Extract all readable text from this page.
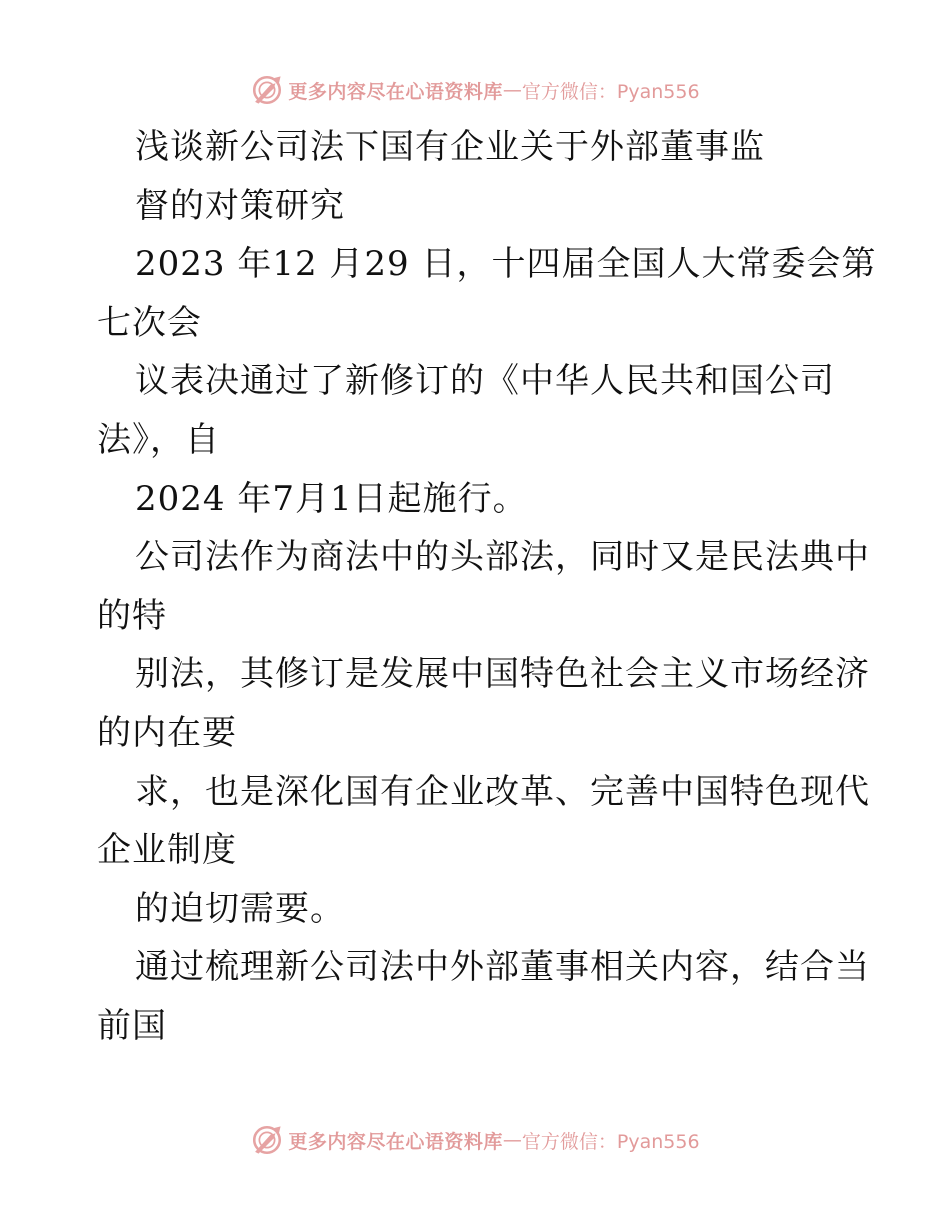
更多内容尽在心语资料库 — 官方微信：Pyan556
浅谈新公司法下国有企业关于外部董事监
督的对策研究
2023 年12 月29 日，十四届全国人大常委会第
七次会
议表决通过了新修订的《中华人民共和国公司
法》，自
2024 年7月1日起施行。
公司法作为商法中的头部法，同时又是民法典中
的特
别法，其修订是发展中国特色社会主义市场经济
的内在要
求，也是深化国有企业改革、完善中国特色现代
企业制度
的迫切需要。
通过梳理新公司法中外部董事相关内容，结合当
前国
更多内容尽在心语资料库 — 官方微信：Pyan556
